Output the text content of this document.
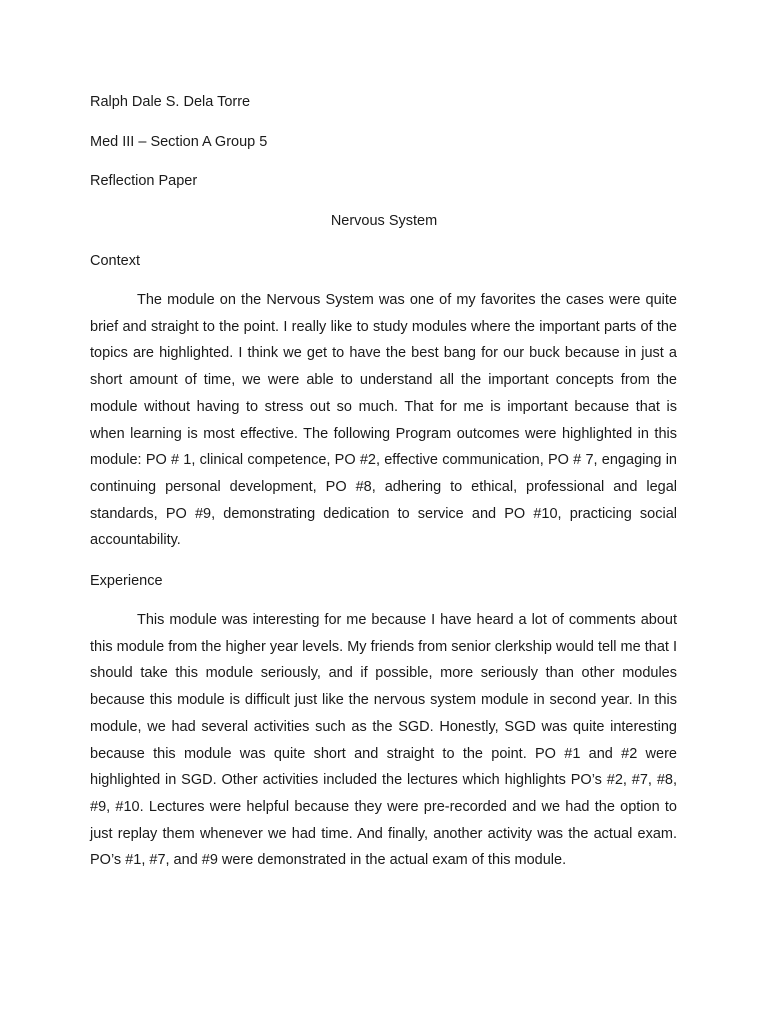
Ralph Dale S. Dela Torre
Med III – Section A Group 5
Reflection Paper
Nervous System
Context

The module on the Nervous System was one of my favorites the cases were quite brief and straight to the point. I really like to study modules where the important parts of the topics are highlighted. I think we get to have the best bang for our buck because in just a short amount of time, we were able to understand all the important concepts from the module without having to stress out so much. That for me is important because that is when learning is most effective. The following Program outcomes were highlighted in this module: PO # 1, clinical competence, PO #2, effective communication, PO # 7, engaging in continuing personal development, PO #8, adhering to ethical, professional and legal standards, PO #9, demonstrating dedication to service and PO #10, practicing social accountability.

Experience

This module was interesting for me because I have heard a lot of comments about this module from the higher year levels. My friends from senior clerkship would tell me that I should take this module seriously, and if possible, more seriously than other modules because this module is difficult just like the nervous system module in second year. In this module, we had several activities such as the SGD. Honestly, SGD was quite interesting because this module was quite short and straight to the point. PO #1 and #2 were highlighted in SGD. Other activities included the lectures which highlights PO’s #2, #7, #8, #9, #10. Lectures were helpful because they were pre-recorded and we had the option to just replay them whenever we had time. And finally, another activity was the actual exam. PO’s #1, #7, and #9 were demonstrated in the actual exam of this module.
